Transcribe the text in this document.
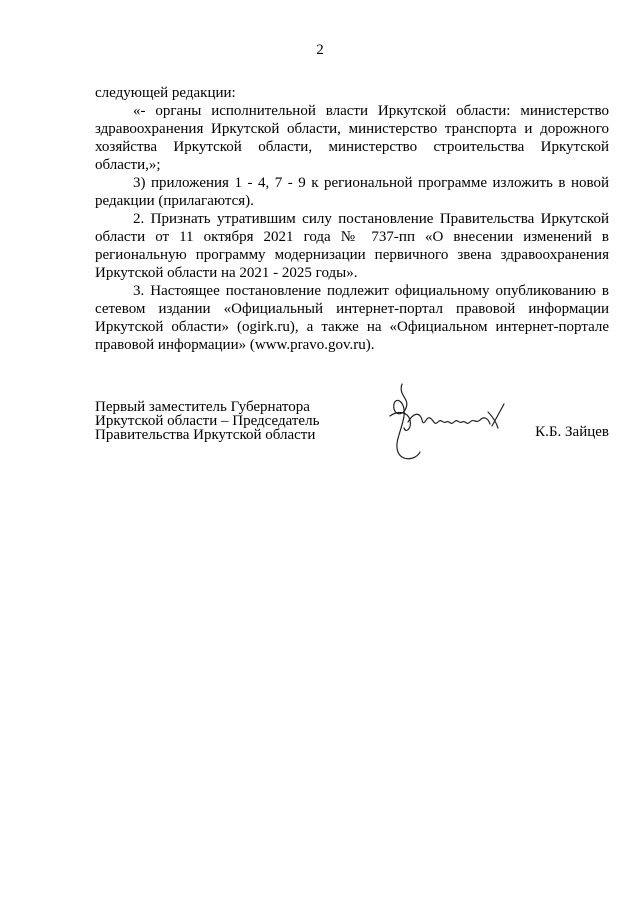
2

следующей редакции:

«- органы исполнительной власти Иркутской области: министерство здравоохранения Иркутской области, министерство транспорта и дорожного хозяйства Иркутской области, министерство строительства Иркутской области,»;

3) приложения 1 - 4, 7 - 9 к региональной программе изложить в новой редакции (прилагаются).

2. Признать утратившим силу постановление Правительства Иркутской области от 11 октября 2021 года № 737-пп «О внесении изменений в региональную программу модернизации первичного звена здравоохранения Иркутской области на 2021 - 2025 годы».

3. Настоящее постановление подлежит официальному опубликованию в сетевом издании «Официальный интернет-портал правовой информации Иркутской области» (ogirk.ru), а также на «Официальном интернет-портале правовой информации» (www.pravo.gov.ru).

Первый заместитель Губернатора
Иркутской области – Председатель
Правительства Иркутской области	К.Б. Зайцев
